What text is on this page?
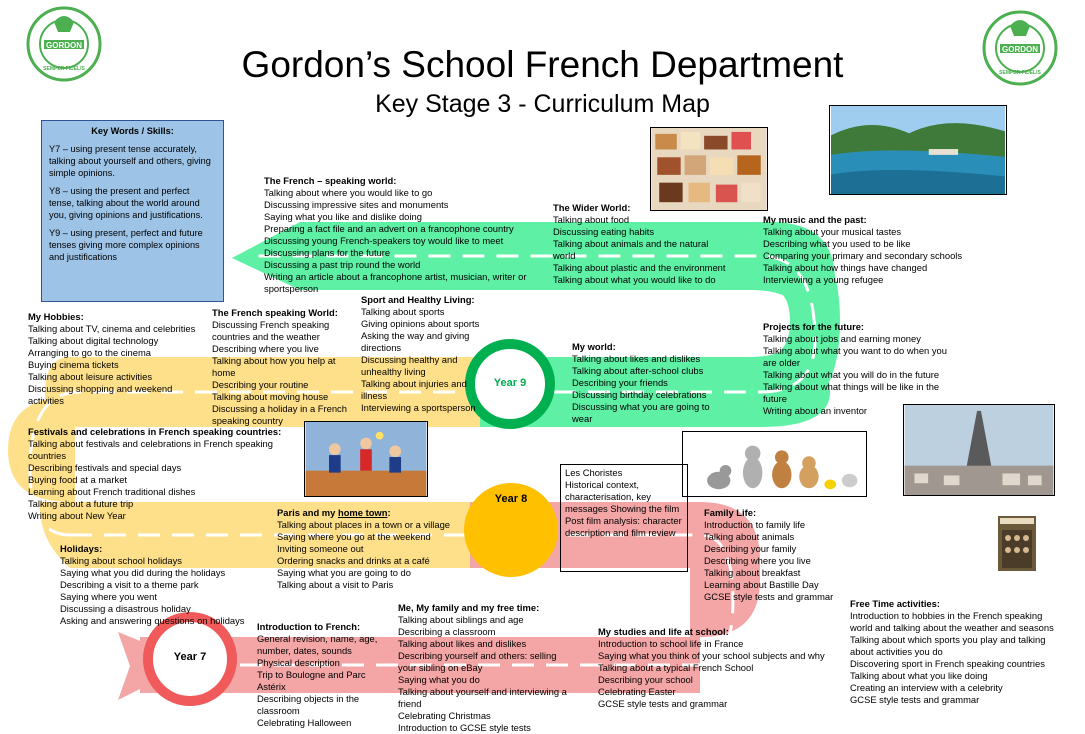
Year 7
Year 8
Year 9
GORDON
SEMPER FIDELIS
GORDON
SEMPER FIDELIS
Gordon’s School French Department
Key Stage 3 - Curriculum Map
Key Words / Skills:

Y7 – using present tense accurately, talking about yourself and others, giving simple opinions.

Y8 – using the present and perfect tense, talking about the world around you, giving opinions and justifications.

Y9 – using present, perfect and future tenses giving more complex opinions and justifications

The French – speaking world:
Talking about where you would like to go
Discussing impressive sites and monuments
Saying what you like and dislike doing
Preparing a fact file and an advert on a francophone country
Discussing young French-speakers toy would like to meet
Discussing plans for the future
Discussing a past trip round the world
Writing an article about a francophone artist, musician, writer or sportsperson
The Wider World:
Talking about food
Discussing eating habits
Talking about animals and the natural world
Talking about plastic and the environment
Talking about what you would like to do
My music and the past:
Talking about your musical tastes
Describing what you used to be like
Comparing your primary and secondary schools
Talking about how things have changed
Interviewing a young refugee
Projects for the future:
Talking about jobs and earning money
Talking about what you want to do when you are older
Talking about what you will do in the future
Talking about what things will be like in the future
Writing about an inventor
My world:
Talking about likes and dislikes
Talking about after-school clubs
Describing your friends
Discussing birthday celebrations
Discussing what you are going to wear
Sport and Healthy Living:
Talking about sports
Giving opinions about sports
Asking the way and giving directions
Discussing healthy and unhealthy living
Talking about injuries and illness
Interviewing a sportsperson
The French speaking World:
Discussing French speaking countries and the weather
Describing where you live
Talking about how you help at home
Describing your routine
Talking about moving house
Discussing a holiday in a French speaking country
My Hobbies:
Talking about TV, cinema and celebrities
Talking about digital technology
Arranging to go to the cinema
Buying cinema tickets
Talking about leisure activities
Discussing shopping and weekend activities
Festivals and celebrations in French speaking countries:
Talking about festivals and celebrations in French speaking countries
Describing festivals and special days
Buying food at a market
Learning about French traditional dishes
Talking about a future trip
Writing about New Year	Paris and my home town:
Talking about places in a town or a village
Saying where you go at the weekend
Inviting someone out
Ordering snacks and drinks at a café
Saying what you are going to do
Talking about a visit to Paris
Les Choristes
Historical context, characterisation, key messages Showing the film Post film analysis: character description and film review
Family Life:
Introduction to family life
Talking about animals
Describing your family
Describing where you live
Talking about breakfast
Learning about Bastille Day
GCSE style tests and grammar
Holidays:
Talking about school holidays
Saying what you did during the holidays
Describing a visit to a theme park
Saying where you went
Discussing a disastrous holiday
Asking and answering questions on holidays
Free Time activities:
Introduction to hobbies in the French speaking world and talking about the weather and seasons
Talking about which sports you play and talking about activities you do
Discovering sport in French speaking countries
Talking about what you like doing
Creating an interview with a celebrity
GCSE style tests and grammar
Introduction to French:
General revision, name, age, number, dates, sounds
Physical description
Trip to Boulogne and Parc Astérix
Describing objects in the classroom
Celebrating Halloween
Me, My family and my free time:
Talking about siblings and age
Describing a classroom
Talking about likes and dislikes
Describing yourself and others: selling your sibling on eBay
Saying what you do
Talking about yourself and interviewing a friend
Celebrating Christmas
Introduction to GCSE style tests
My studies and life at school:
Introduction to school life in France
Saying what you think of your school subjects and why
Talking about a typical French School
Describing your school
Celebrating Easter
GCSE style tests and grammar
